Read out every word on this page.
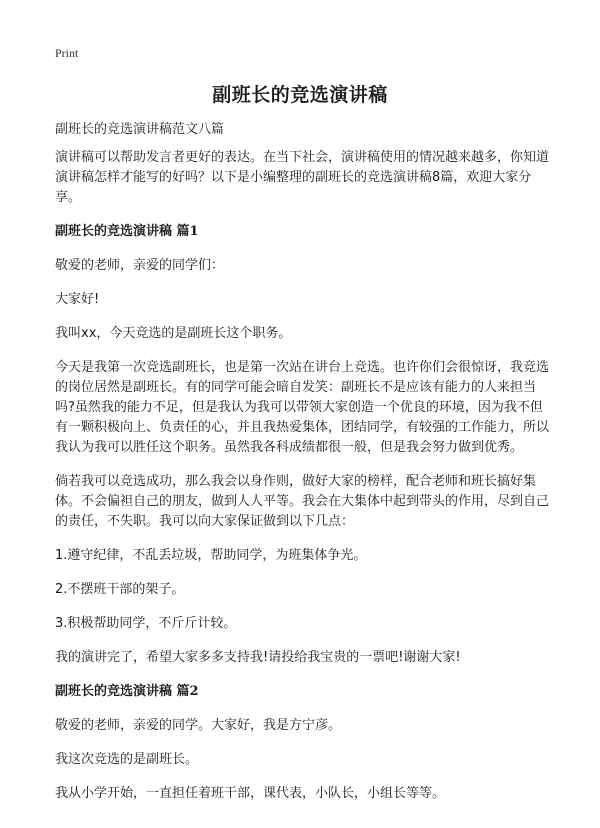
Print
副班长的竞选演讲稿
副班长的竞选演讲稿范文八篇

演讲稿可以帮助发言者更好的表达。在当下社会，演讲稿使用的情况越来越多，你知道演讲稿怎样才能写的好吗？以下是小编整理的副班长的竞选演讲稿8篇，欢迎大家分享。

副班长的竞选演讲稿 篇1

敬爱的老师，亲爱的同学们：

大家好!

我叫xx，今天竞选的是副班长这个职务。

今天是我第一次竞选副班长，也是第一次站在讲台上竞选。也许你们会很惊讶，我竞选的岗位居然是副班长。有的同学可能会暗自发笑：副班长不是应该有能力的人来担当吗?虽然我的能力不足，但是我认为我可以带领大家创造一个优良的环境，因为我不但有一颗积极向上、负责任的心，并且我热爱集体，团结同学，有较强的工作能力，所以我认为我可以胜任这个职务。虽然我各科成绩都很一般，但是我会努力做到优秀。

倘若我可以竞选成功，那么我会以身作则，做好大家的榜样，配合老师和班长搞好集体。不会偏袒自己的朋友，做到人人平等。我会在大集体中起到带头的作用，尽到自己的责任，不失职。我可以向大家保证做到以下几点：

1.遵守纪律，不乱丢垃圾，帮助同学，为班集体争光。

2.不摆班干部的架子。

3.积极帮助同学，不斤斤计较。

我的演讲完了，希望大家多多支持我!请投给我宝贵的一票吧!谢谢大家!

副班长的竞选演讲稿 篇2

敬爱的老师，亲爱的同学。大家好，我是方宁彦。

我这次竞选的是副班长。

我从小学开始，一直担任着班干部，课代表，小队长，小组长等等。
